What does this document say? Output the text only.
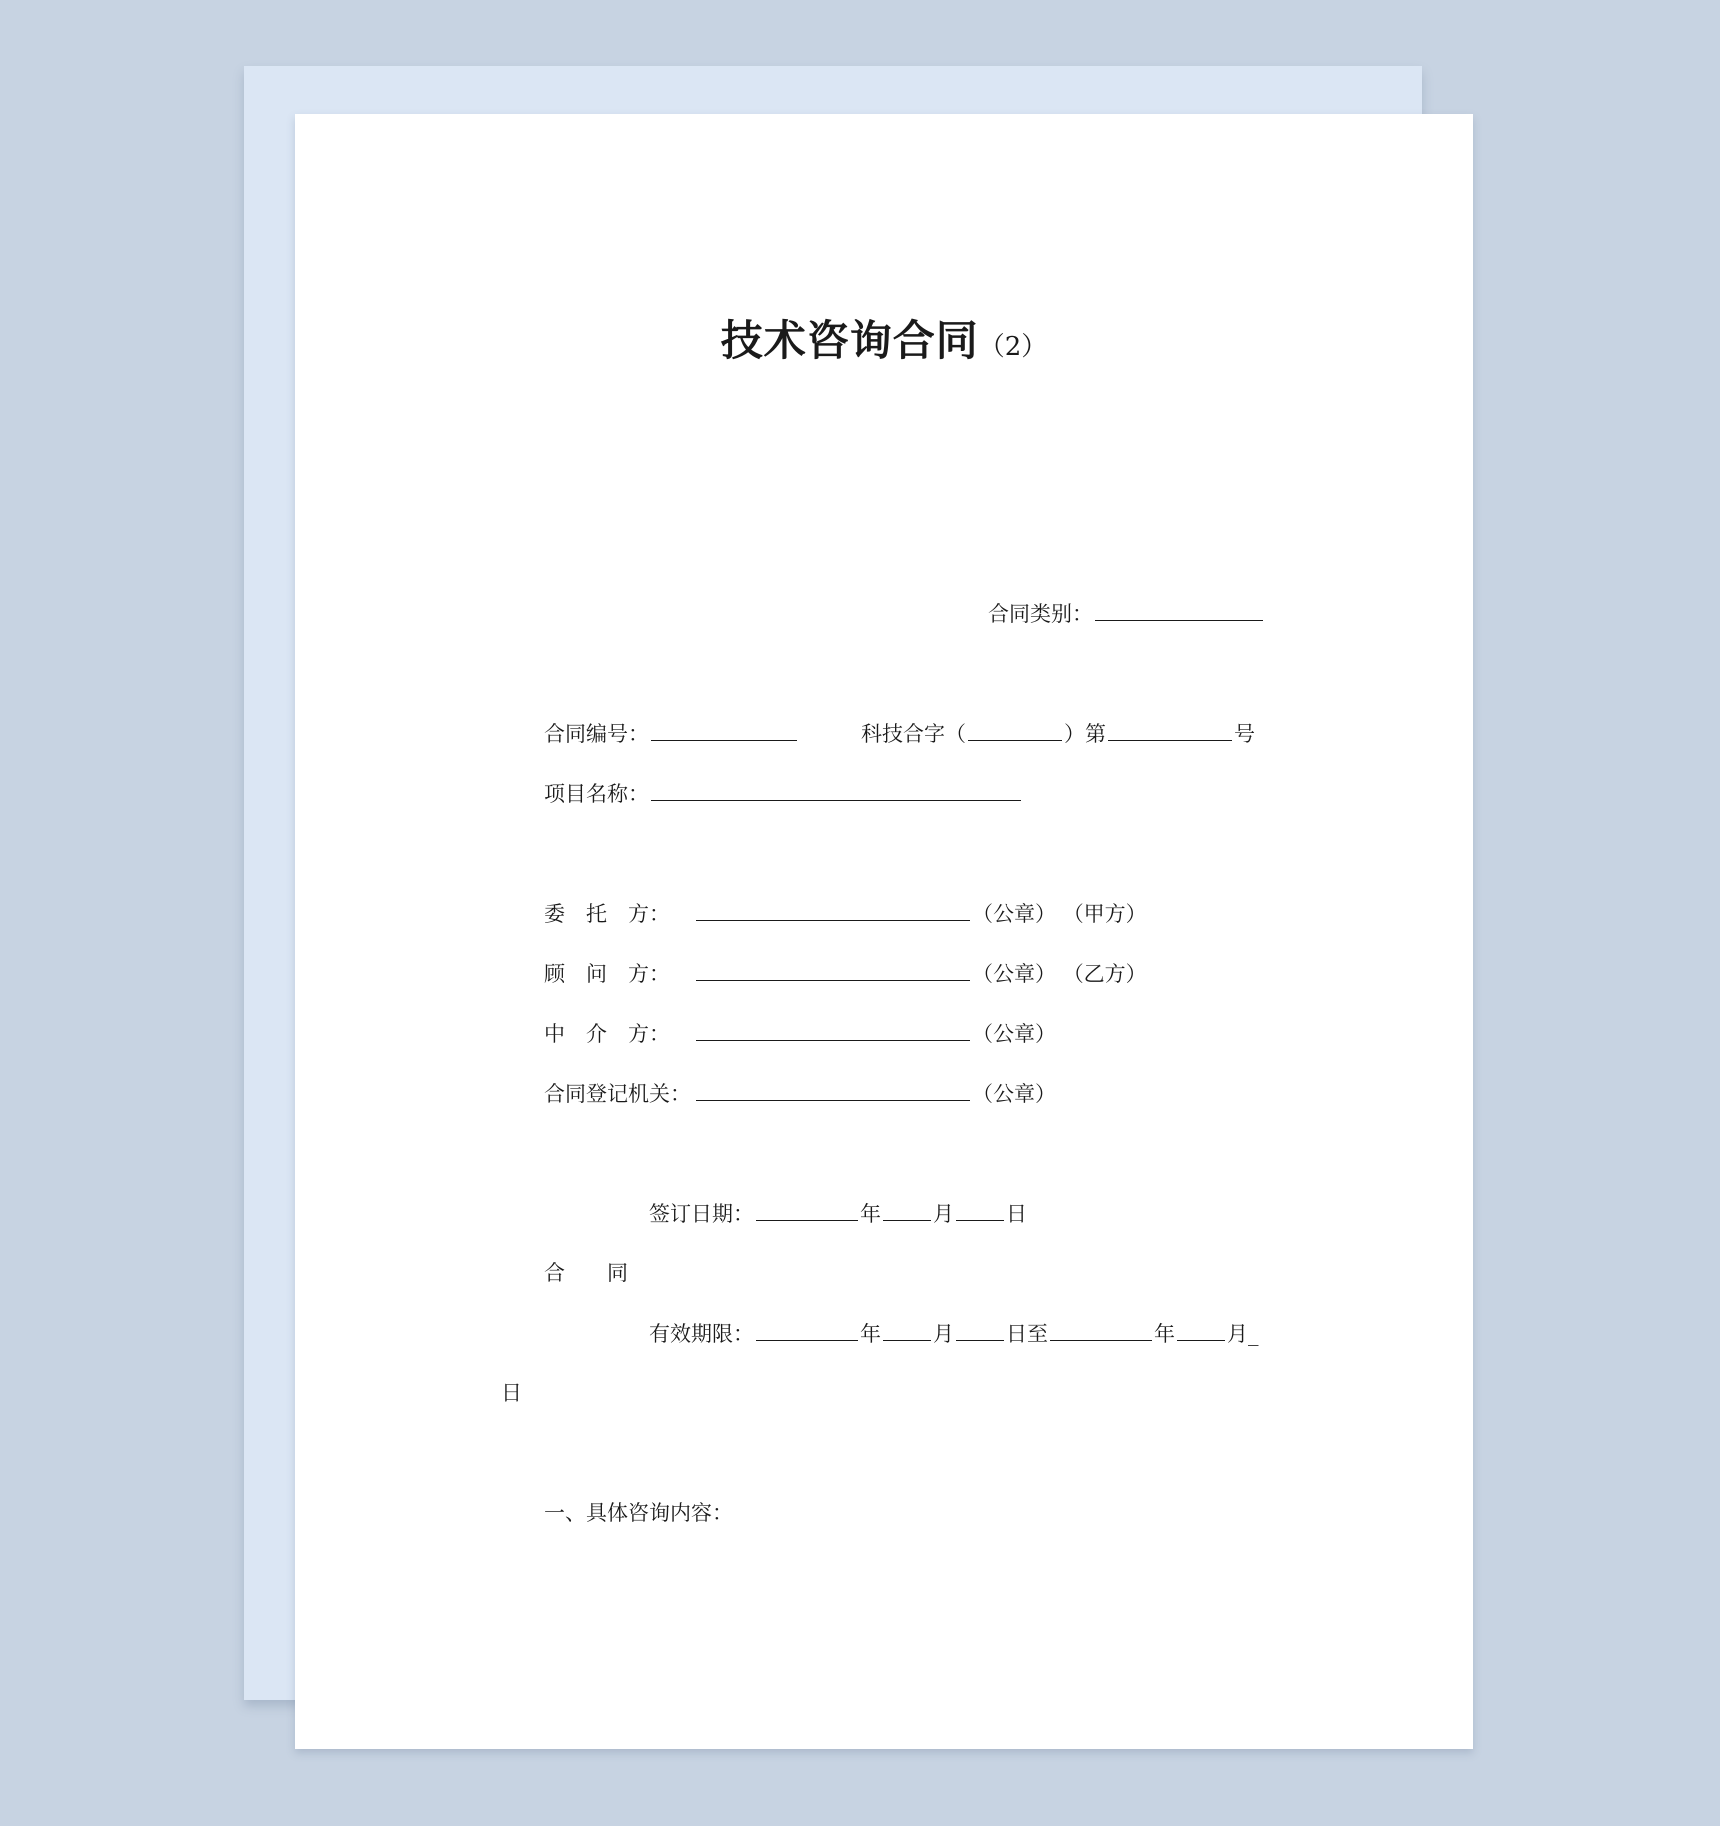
技术咨询合同（2）
合同类别：
合同编号：	科技合字（	）第	号
项目名称：
委　托　方：	（公章） （甲方）
顾　问　方：	（公章） （乙方）
中　介　方：	（公章）
合同登记机关：	（公章）
签订日期：	年 月 日
合　　同
有效期限：	年 月 日至	年 月_
日
一、具体咨询内容：
